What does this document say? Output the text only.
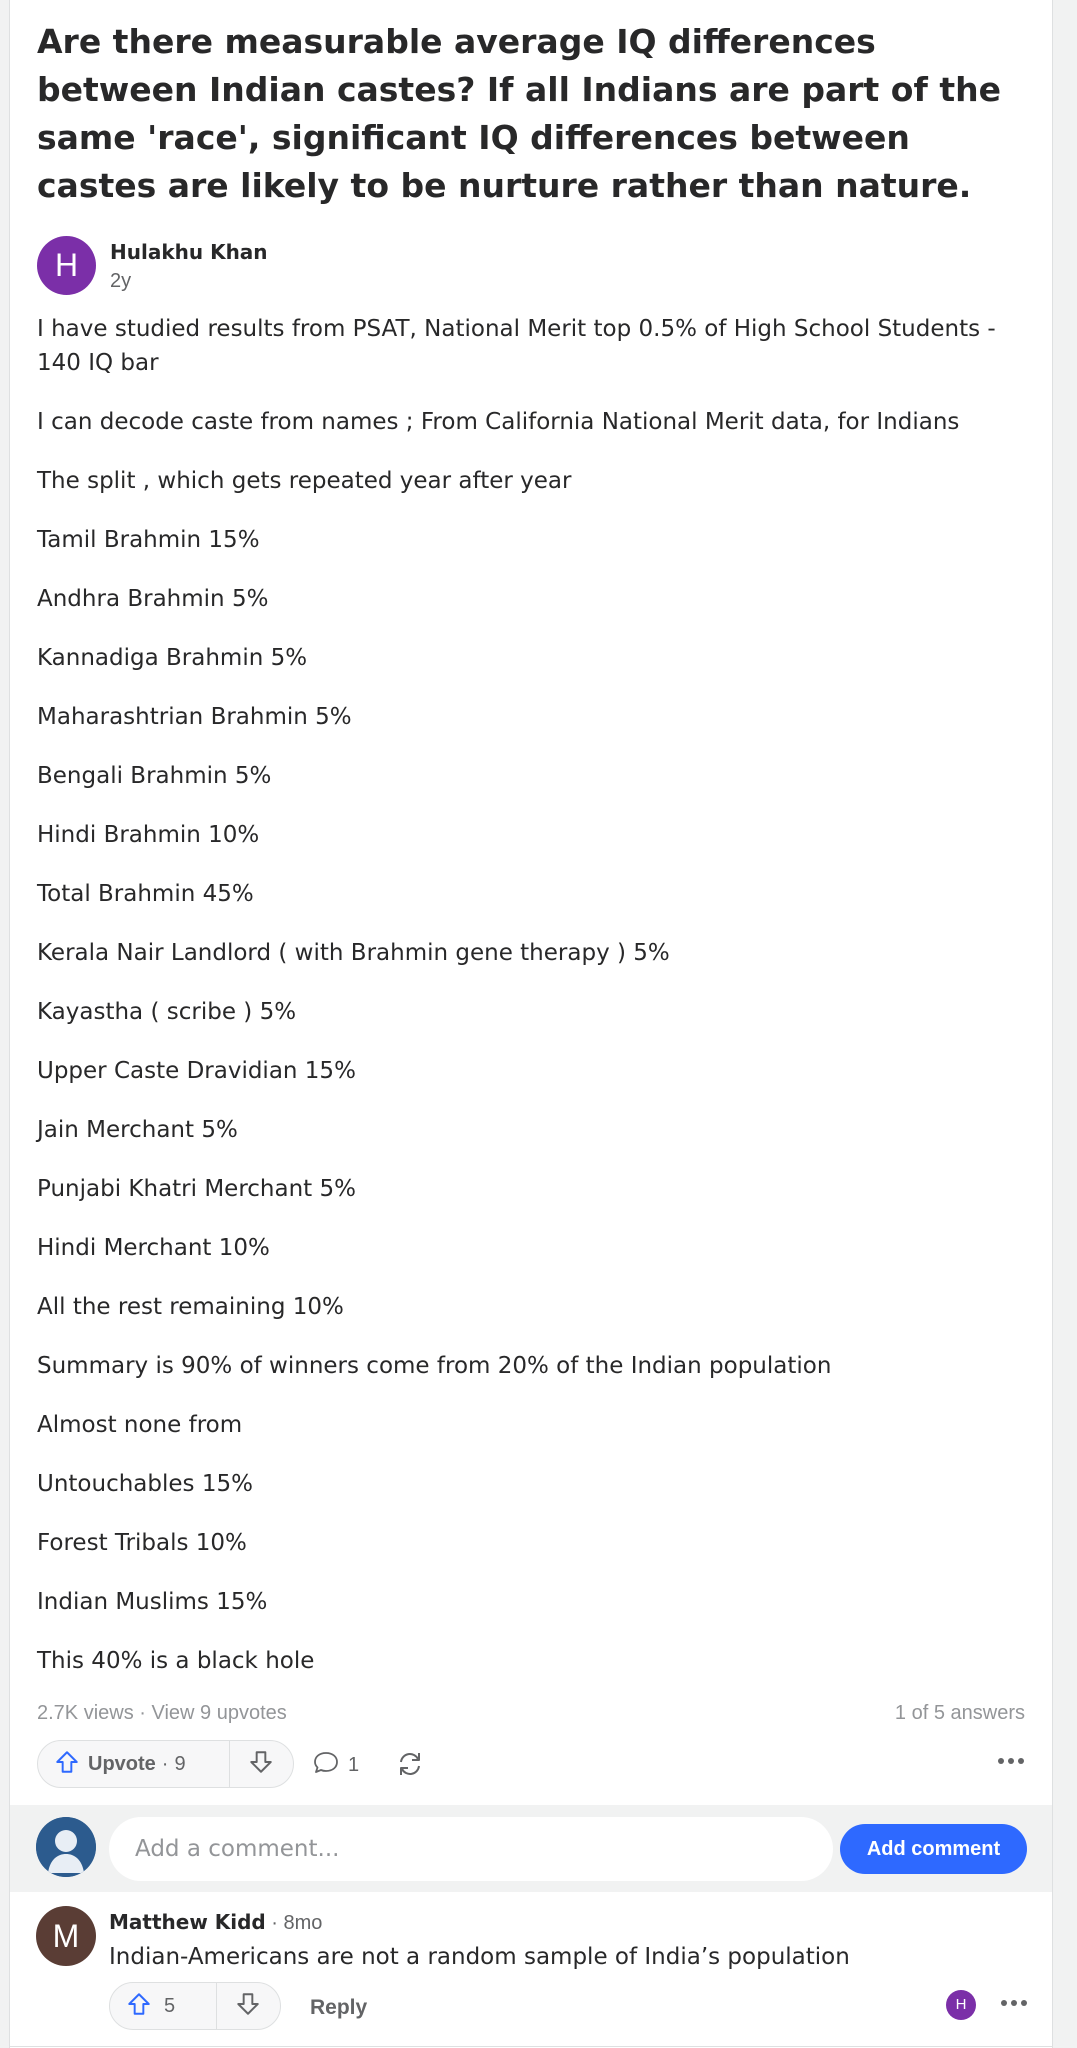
Are there measurable average IQ differences between Indian castes? If all Indians are part of the same 'race', significant IQ differences between castes are likely to be nurture rather than nature.
H	Hulakhu Khan
2y

I have studied results from PSAT, National Merit top 0.5% of High School Students - 140 IQ bar

I can decode caste from names ; From California National Merit data, for Indians

The split , which gets repeated year after year

Tamil Brahmin 15%

Andhra Brahmin 5%

Kannadiga Brahmin 5%

Maharashtrian Brahmin 5%

Bengali Brahmin 5%

Hindi Brahmin 10%

Total Brahmin 45%

Kerala Nair Landlord ( with Brahmin gene therapy ) 5%

Kayastha ( scribe ) 5%

Upper Caste Dravidian 15%

Jain Merchant 5%

Punjabi Khatri Merchant 5%

Hindi Merchant 10%

All the rest remaining 10%

Summary is 90% of winners come from 20% of the Indian population

Almost none from

Untouchables 15%

Forest Tribals 10%

Indian Muslims 15%

This 40% is a black hole

2.7K views · View 9 upvotes	1 of 5 answers
Upvote · 9	1
Add a comment...
Add comment
M	Matthew Kidd · 8mo
Indian-Americans are not a random sample of India’s population
5	Reply	H
